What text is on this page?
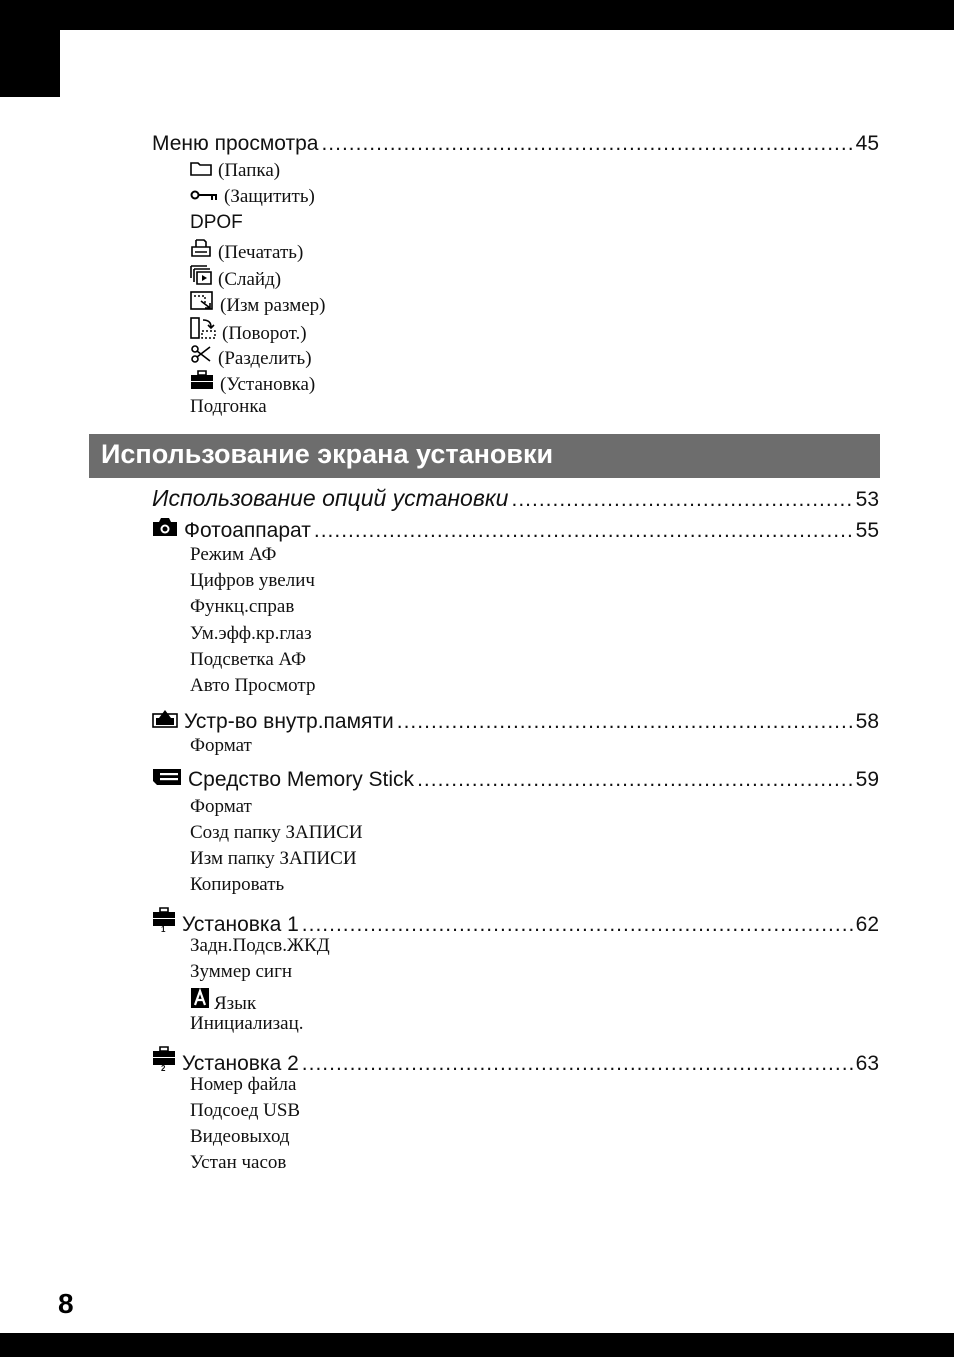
Меню просмотра .....	45
(Папка)
(Защитить)
DPOF
(Печатать)
(Слайд)
(Изм размер)
(Поворот.)
(Разделить)
(Установка)
Подгонка
Использование экрана установки
Использование опций установки .....	53
Фотоаппарат .....	55
Режим АФ
Цифров увелич
Функц.справ
Ум.эфф.кр.глаз
Подсветка АФ
Авто Просмотр
Устр-во внутр.памяти .....	58
Формат
Средство Memory Stick .....	59
Формат
Созд папку ЗАПИСИ
Изм папку ЗАПИСИ
Копировать
1 Установка 1 .....	62
Задн.Подсв.ЖКД
Зуммер сигн
Язык
Инициализац.
2 Установка 2 .....	63
Номер файла
Подсоед USB
Видеовыход
Устан часов
8
